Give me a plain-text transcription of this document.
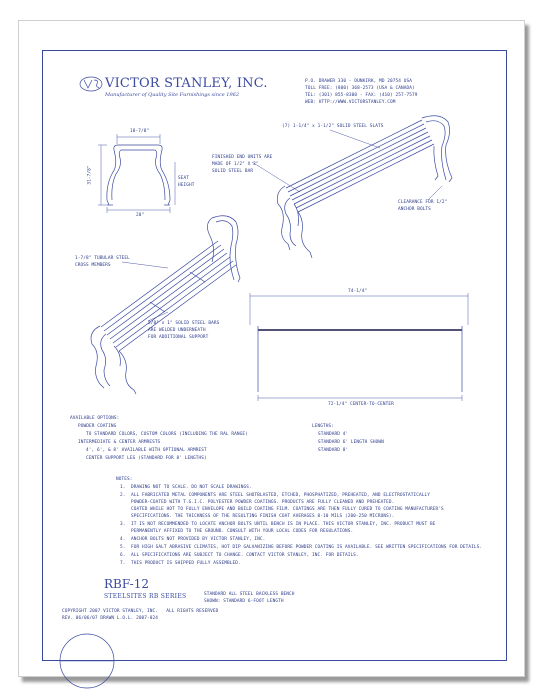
VICTOR STANLEY, INC.
Manufacturer of Quality Site Furnishings since 1962
P.O. DRAWER 330 - DUNKIRK, MD 20754 USA
TOLL FREE: (800) 368-2573 (USA & CANADA)
TEL: (301) 855-8300 - FAX: (410) 257-7579
WEB: HTTP://WWW.VICTORSTANLEY.COM
18-7/8"
31-7/8"	SEAT
HEIGHT
20"
(7) 1-1/4" x 1-1/2" SOLID STEEL SLATS
FINISHED END UNITS ARE
MADE OF 1/2" X 2"
SOLID STEEL BAR
CLEARANCE FOR 1/2"
ANCHOR BOLTS
1-7/8" TUBULAR STEEL
CROSS MEMBERS
5/8" x 1" SOLID STEEL BARS
ARE WELDED UNDERNEATH
FOR ADDITIONAL SUPPORT
74-1/4"
72-1/4" CENTER-TO-CENTER
AVAILABLE OPTIONS:
POWDER COATING
TO STANDARD COLORS, CUSTOM COLORS (INCLUDING THE RAL RANGE)
INTERMEDIATE & CENTER ARMRESTS
4', 6', & 8' AVAILABLE WITH OPTIONAL ARMREST
CENTER SUPPORT LEG (STANDARD FOR 8' LENGTHS)
LENGTHS:
STANDARD 4'
STANDARD 6' LENGTH SHOWN
STANDARD 8'
NOTES:
1.  DRAWING NOT TO SCALE. DO NOT SCALE DRAWINGS.
2.  ALL FABRICATED METAL COMPONENTS ARE STEEL SHOTBLASTED, ETCHED, PHOSPHATIZED, PREHEATED, AND ELECTROSTATICALLY
POWDER-COATED WITH T.G.I.C. POLYESTER POWDER COATINGS. PRODUCTS ARE FULLY CLEANED AND PREHEATED.
COATED WHILE HOT TO FULLY ENVELOPE AND BUILD COATING FILM. COATINGS ARE THEN FULLY CURED TO COATING MANUFACTURER'S
SPECIFICATIONS. THE THICKNESS OF THE RESULTING FINISH COAT AVERAGES 8-10 MILS (200-250 MICRONS).
3.  IT IS NOT RECOMMENDED TO LOCATE ANCHOR BOLTS UNTIL BENCH IS IN PLACE. THIS VICTOR STANLEY, INC. PRODUCT MUST BE
PERMANENTLY AFFIXED TO THE GROUND. CONSULT WITH YOUR LOCAL CODES FOR REGULATIONS.
4.  ANCHOR BOLTS NOT PROVIDED BY VICTOR STANLEY, INC.
5.  FOR HIGH SALT ABRASIVE CLIMATES, HOT DIP GALVANIZING BEFORE POWDER COATING IS AVAILABLE. SEE WRITTEN SPECIFICATIONS FOR DETAILS.
6.  ALL SPECIFICATIONS ARE SUBJECT TO CHANGE. CONTACT VICTOR STANLEY, INC. FOR DETAILS.
7.  THIS PRODUCT IS SHIPPED FULLY ASSEMBLED.
RBF-12
STEELSITES RB SERIES	STANDARD ALL STEEL BACKLESS BENCH
SHOWN: STANDARD 6-FOOT LENGTH
COPYRIGHT 2007 VICTOR STANLEY, INC.   ALL RIGHTS RESERVED
REV. 06/06/07 DRAWN L.O.L. 2007-024
